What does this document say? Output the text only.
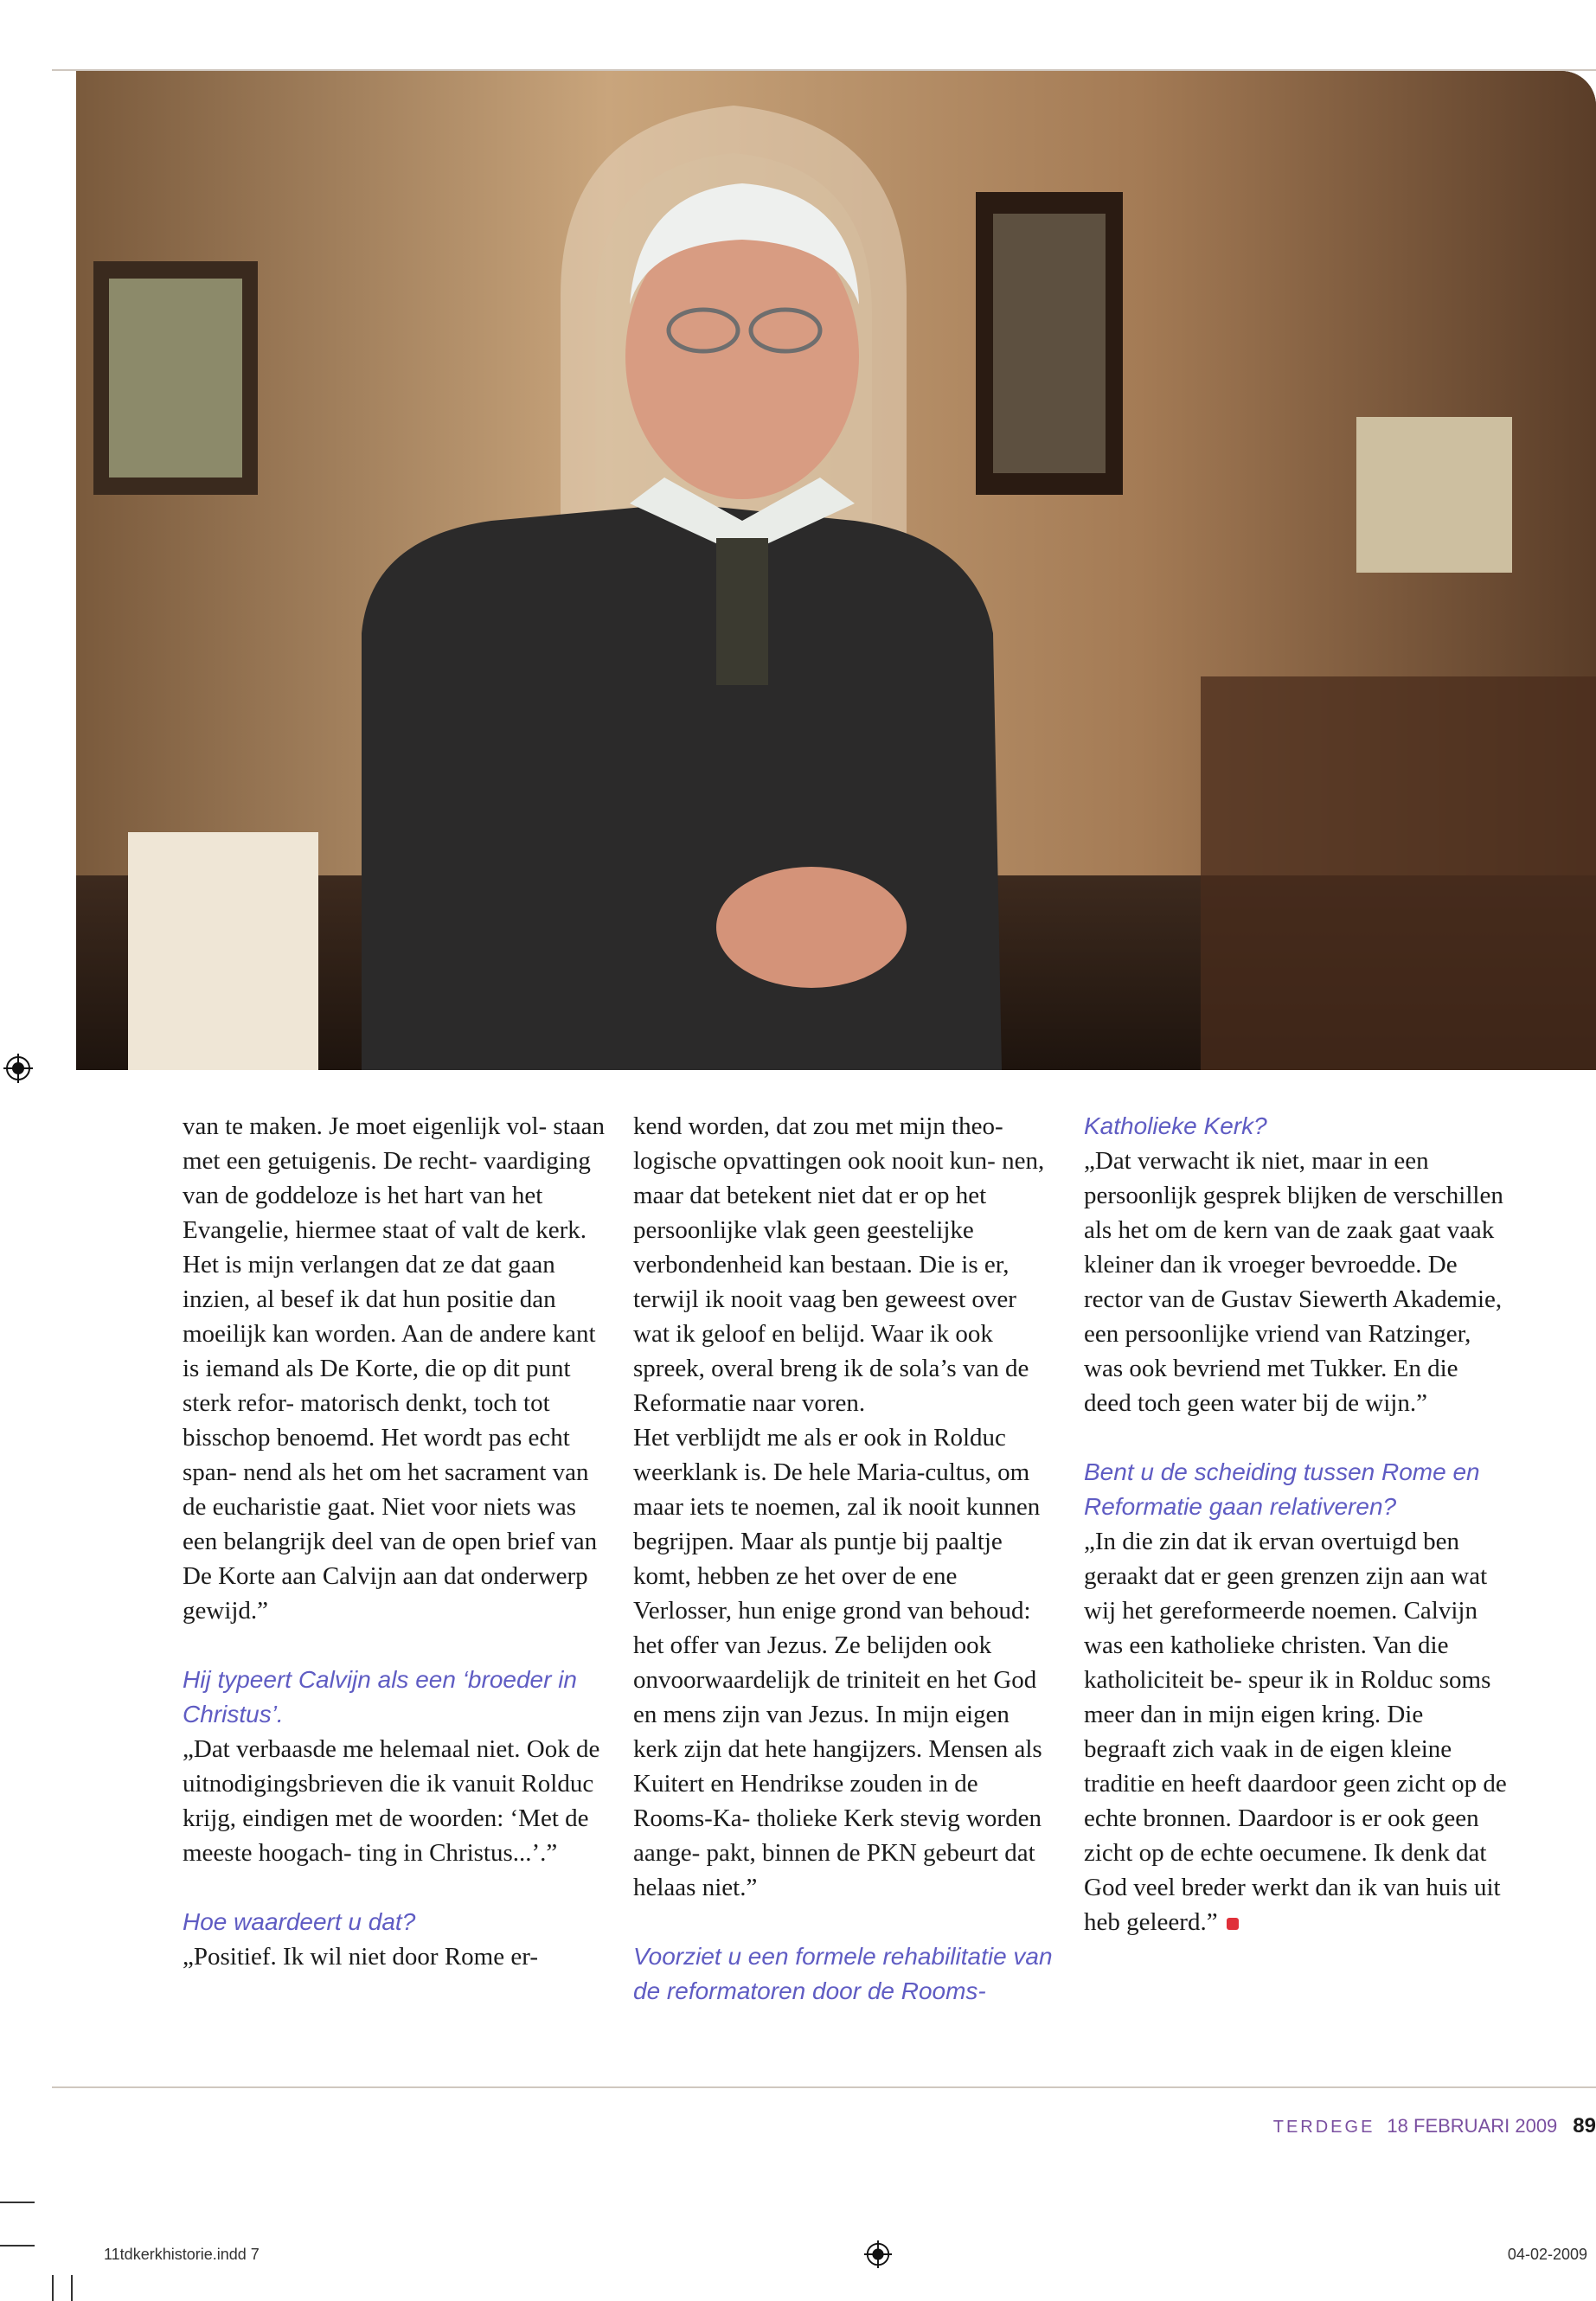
van te maken. Je moet eigenlijk vol- staan met een getuigenis. De recht- vaardiging van de goddeloze is het hart van het Evangelie, hiermee staat of valt de kerk. Het is mijn verlangen dat ze dat gaan inzien, al besef ik dat hun positie dan moeilijk kan worden. Aan de andere kant is iemand als De Korte, die op dit punt sterk refor- matorisch denkt, toch tot bisschop benoemd. Het wordt pas echt span- nend als het om het sacrament van de eucharistie gaat. Niet voor niets was een belangrijk deel van de open brief van De Korte aan Calvijn aan dat onderwerp gewijd.”

Hij typeert Calvijn als een ‘broeder in Christus’.

„Dat verbaasde me helemaal niet. Ook de uitnodigingsbrieven die ik vanuit Rolduc krijg, eindigen met de woorden: ‘Met de meeste hoogach- ting in Christus...’.”

Hoe waardeert u dat?

„Positief. Ik wil niet door Rome er-

kend worden, dat zou met mijn theo- logische opvattingen ook nooit kun- nen, maar dat betekent niet dat er op het persoonlijke vlak geen geestelijke verbondenheid kan bestaan. Die is er, terwijl ik nooit vaag ben geweest over wat ik geloof en belijd. Waar ik ook spreek, overal breng ik de sola’s van de Reformatie naar voren.

Het verblijdt me als er ook in Rolduc weerklank is. De hele Maria-cultus, om maar iets te noemen, zal ik nooit kunnen begrijpen. Maar als puntje bij paaltje komt, hebben ze het over de ene Verlosser, hun enige grond van behoud: het offer van Jezus. Ze belijden ook onvoorwaardelijk de triniteit en het God en mens zijn van Jezus. In mijn eigen kerk zijn dat hete hangijzers. Mensen als Kuitert en Hendrikse zouden in de Rooms-Ka- tholieke Kerk stevig worden aange- pakt, binnen de PKN gebeurt dat helaas niet.”

Voorziet u een formele rehabilitatie van de reformatoren door de Rooms-

Katholieke Kerk?

„Dat verwacht ik niet, maar in een persoonlijk gesprek blijken de verschillen als het om de kern van de zaak gaat vaak kleiner dan ik vroeger bevroedde. De rector van de Gustav Siewerth Akademie, een persoonlijke vriend van Ratzinger, was ook bevriend met Tukker. En die deed toch geen water bij de wijn.”

Bent u de scheiding tussen Rome en Reformatie gaan relativeren?

„In die zin dat ik ervan overtuigd ben geraakt dat er geen grenzen zijn aan wat wij het gereformeerde noemen. Calvijn was een katholieke christen. Van die katholiciteit be- speur ik in Rolduc soms meer dan in mijn eigen kring. Die begraaft zich vaak in de eigen kleine traditie en heeft daardoor geen zicht op de echte bronnen. Daardoor is er ook geen zicht op de echte oecumene. Ik denk dat God veel breder werkt dan ik van huis uit heb geleerd.”

TERDEGE 18 FEBRUARI 2009 89
11tdkerkhistorie.indd 7	04-02-2009
